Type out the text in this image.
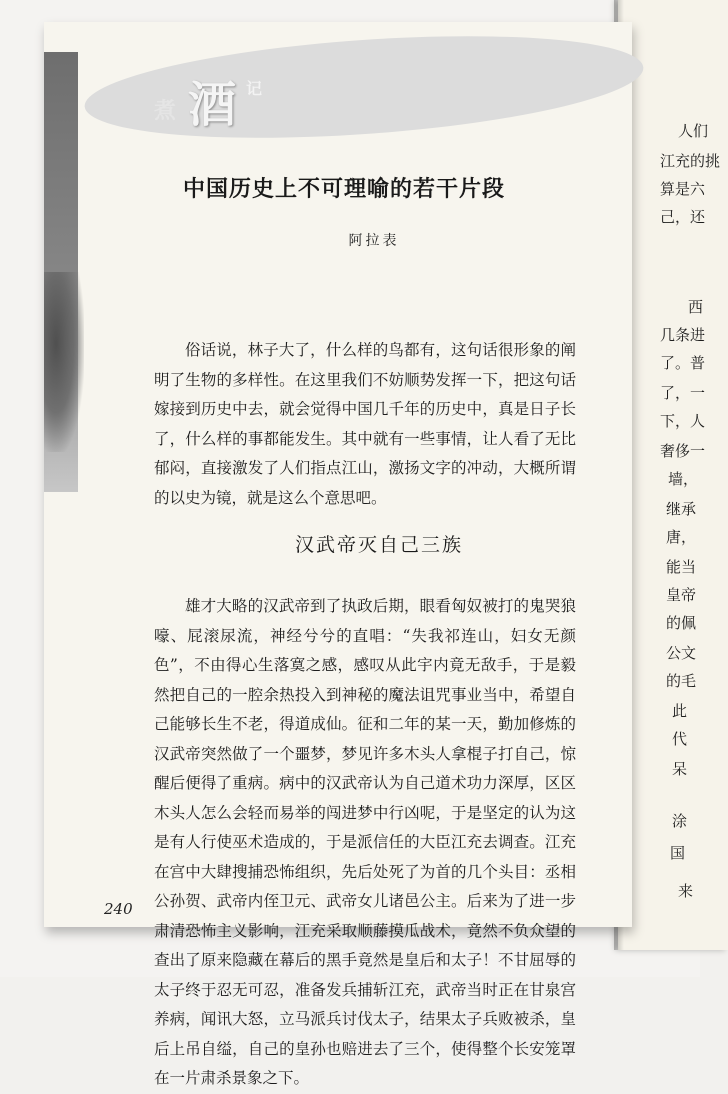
人们
江充的挑
算是六
己，还
西
几条进
了。普
了，一
下，人
奢侈一
墙，
继承
唐，
能当
皇帝
的佩
公文
的毛
此
代
呆
涂
国
来
煮 酒 记
中国历史上不可理喻的若干片段
阿拉表
俗话说，林子大了，什么样的鸟都有，这句话很形象的阐明了生物的多样性。在这里我们不妨顺势发挥一下，把这句话嫁接到历史中去，就会觉得中国几千年的历史中，真是日子长了，什么样的事都能发生。其中就有一些事情，让人看了无比郁闷，直接激发了人们指点江山，激扬文字的冲动，大概所谓的以史为镜，就是这么个意思吧。
汉武帝灭自己三族
雄才大略的汉武帝到了执政后期，眼看匈奴被打的鬼哭狼嚎、屁滚尿流，神经兮兮的直唱：“失我祁连山，妇女无颜色”，不由得心生落寞之感，感叹从此宇内竟无敌手，于是毅然把自己的一腔余热投入到神秘的魔法诅咒事业当中，希望自己能够长生不老，得道成仙。征和二年的某一天，勤加修炼的汉武帝突然做了一个噩梦，梦见许多木头人拿棍子打自己，惊醒后便得了重病。病中的汉武帝认为自己道术功力深厚，区区木头人怎么会轻而易举的闯进梦中行凶呢，于是坚定的认为这是有人行使巫术造成的，于是派信任的大臣江充去调查。江充在宫中大肆搜捕恐怖组织，先后处死了为首的几个头目：丞相公孙贺、武帝内侄卫元、武帝女儿诸邑公主。后来为了进一步肃清恐怖主义影响，江充采取顺藤摸瓜战术，竟然不负众望的查出了原来隐藏在幕后的黑手竟然是皇后和太子！不甘屈辱的太子终于忍无可忍，准备发兵捕斩江充，武帝当时正在甘泉宫养病，闻讯大怒，立马派兵讨伐太子，结果太子兵败被杀，皇后上吊自缢，自己的皇孙也赔进去了三个，使得整个长安笼罩在一片肃杀景象之下。
240
